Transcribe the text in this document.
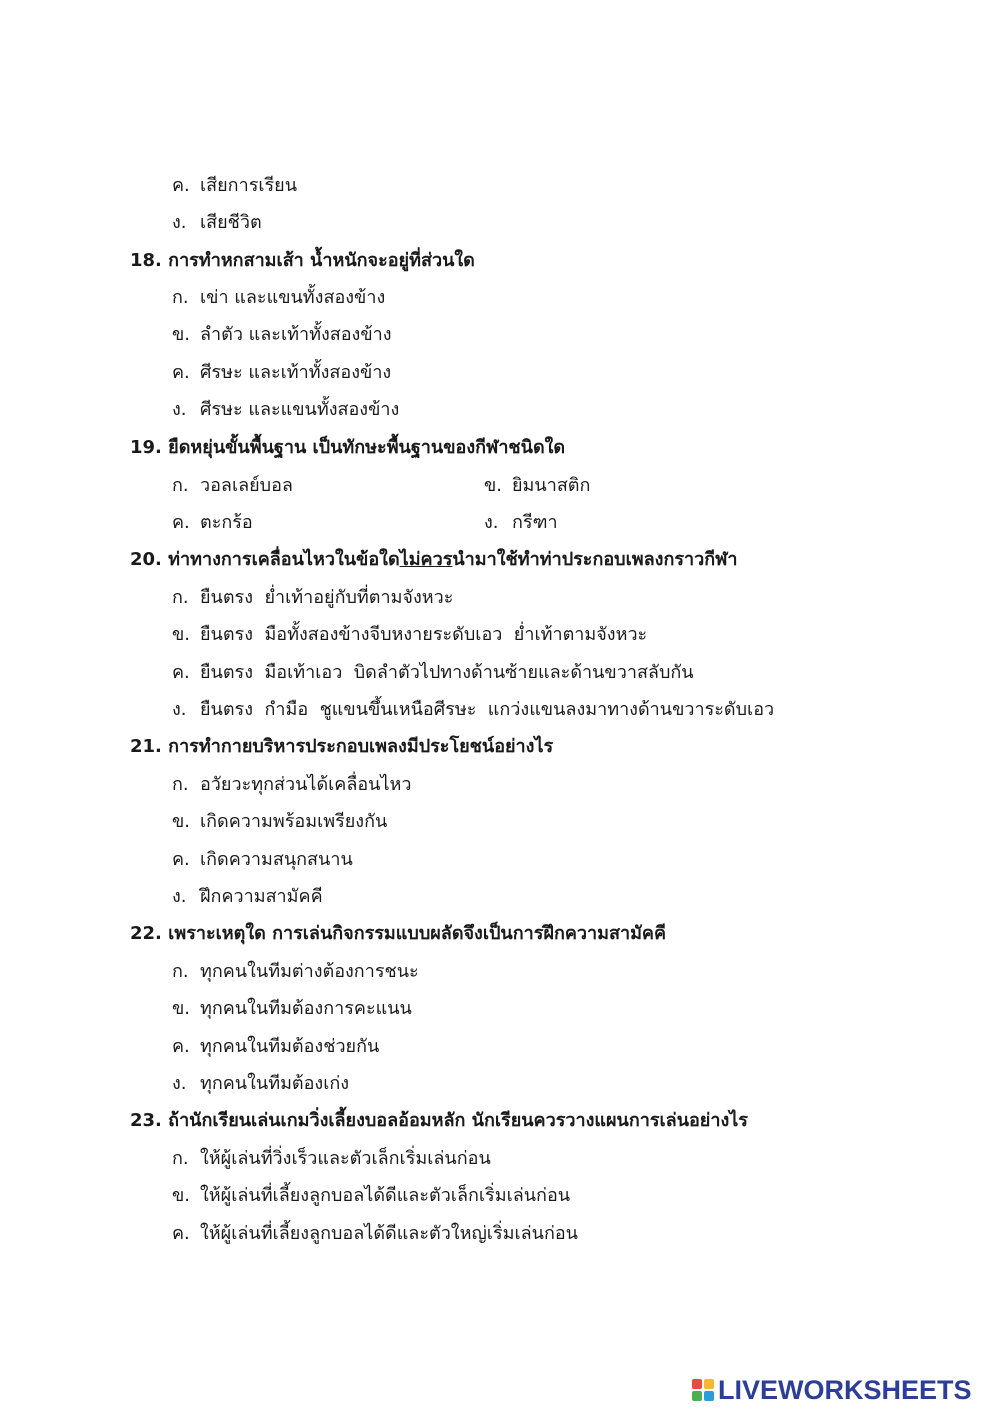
ค. เสียการเรียน
ง. เสียชีวิต
18. การทำหกสามเส้า น้ำหนักจะอยู่ที่ส่วนใด
ก. เข่า และแขนทั้งสองข้าง
ข. ลำตัว และเท้าทั้งสองข้าง
ค. ศีรษะ และเท้าทั้งสองข้าง
ง. ศีรษะ และแขนทั้งสองข้าง
19. ยืดหยุ่นขั้นพื้นฐาน เป็นทักษะพื้นฐานของกีฬาชนิดใด
ก. วอลเลย์บอล	ข. ยิมนาสติก
ค. ตะกร้อ	ง. กรีฑา
20. ท่าทางการเคลื่อนไหวในข้อใดไม่ควรนำมาใช้ทำท่าประกอบเพลงกราวกีฬา
ก. ยืนตรง  ย่ำเท้าอยู่กับที่ตามจังหวะ
ข. ยืนตรง  มือทั้งสองข้างจีบหงายระดับเอว  ย่ำเท้าตามจังหวะ
ค. ยืนตรง  มือเท้าเอว  บิดลำตัวไปทางด้านซ้ายและด้านขวาสลับกัน
ง. ยืนตรง  กำมือ  ชูแขนขึ้นเหนือศีรษะ  แกว่งแขนลงมาทางด้านขวาระดับเอว
21. การทำกายบริหารประกอบเพลงมีประโยชน์อย่างไร
ก. อวัยวะทุกส่วนได้เคลื่อนไหว
ข. เกิดความพร้อมเพรียงกัน
ค. เกิดความสนุกสนาน
ง. ฝึกความสามัคคี
22. เพราะเหตุใด การเล่นกิจกรรมแบบผลัดจึงเป็นการฝึกความสามัคคี
ก. ทุกคนในทีมต่างต้องการชนะ
ข. ทุกคนในทีมต้องการคะแนน
ค. ทุกคนในทีมต้องช่วยกัน
ง. ทุกคนในทีมต้องเก่ง
23. ถ้านักเรียนเล่นเกมวิ่งเลี้ยงบอลอ้อมหลัก นักเรียนควรวางแผนการเล่นอย่างไร
ก. ให้ผู้เล่นที่วิ่งเร็วและตัวเล็กเริ่มเล่นก่อน
ข. ให้ผู้เล่นที่เลี้ยงลูกบอลได้ดีและตัวเล็กเริ่มเล่นก่อน
ค. ให้ผู้เล่นที่เลี้ยงลูกบอลได้ดีและตัวใหญ่เริ่มเล่นก่อน
LIVEWORKSHEETS
